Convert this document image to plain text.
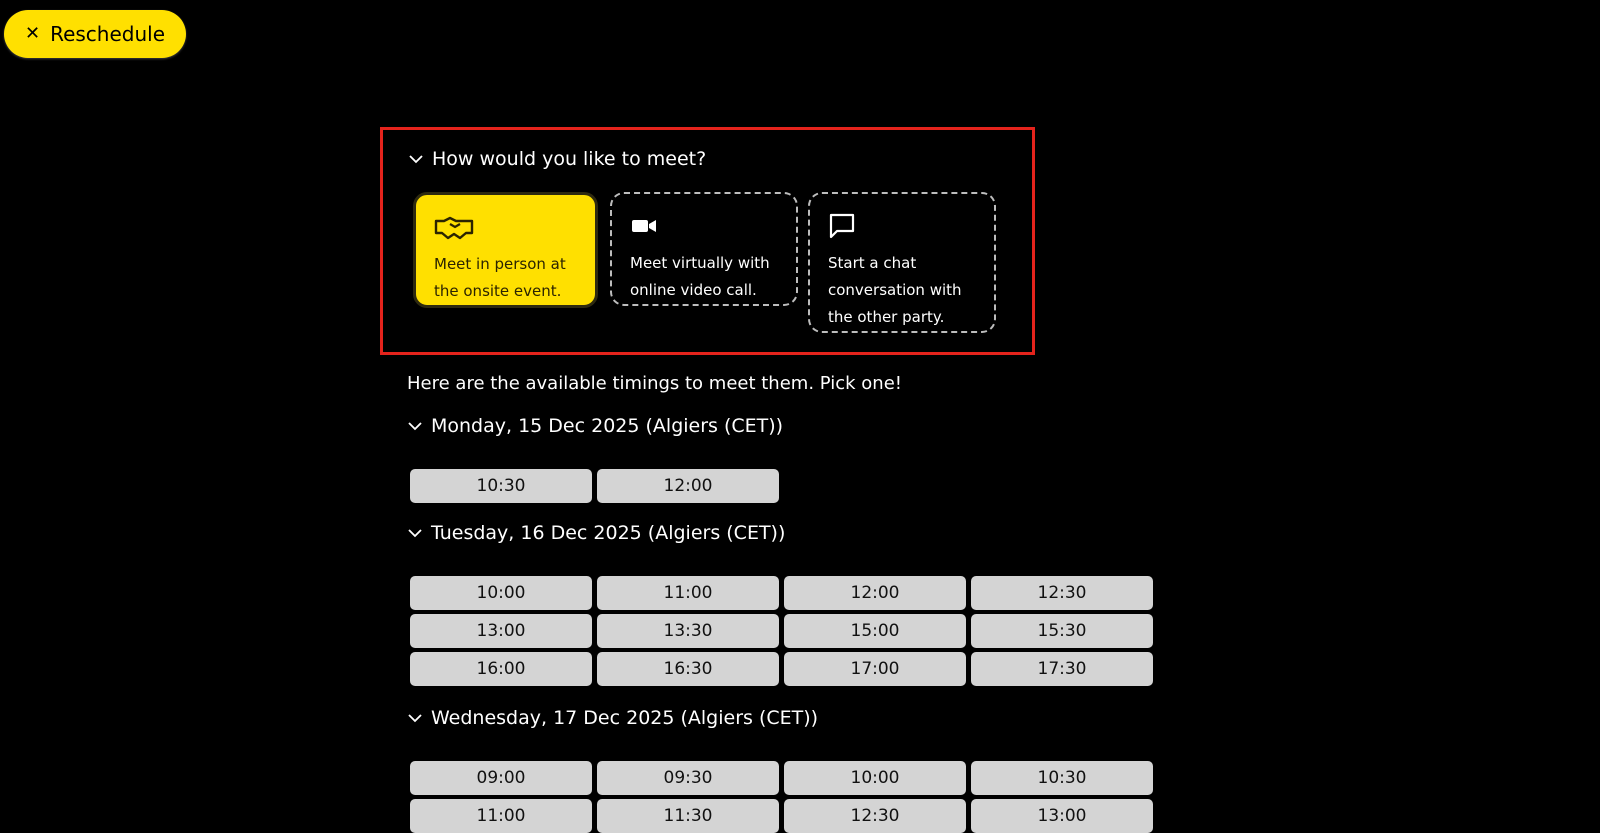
✕ Reschedule
How would you like to meet?
Meet in person at the onsite event.
Meet virtually with online video call.
Start a chat conversation with the other party.
Here are the available timings to meet them. Pick one!
Monday, 15 Dec 2025 (Algiers (CET))
10:30	12:00
Tuesday, 16 Dec 2025 (Algiers (CET))
10:00	11:00	12:00	12:30
13:00	13:30	15:00	15:30
16:00	16:30	17:00	17:30
Wednesday, 17 Dec 2025 (Algiers (CET))
09:00	09:30	10:00	10:30
11:00	11:30	12:30	13:00
